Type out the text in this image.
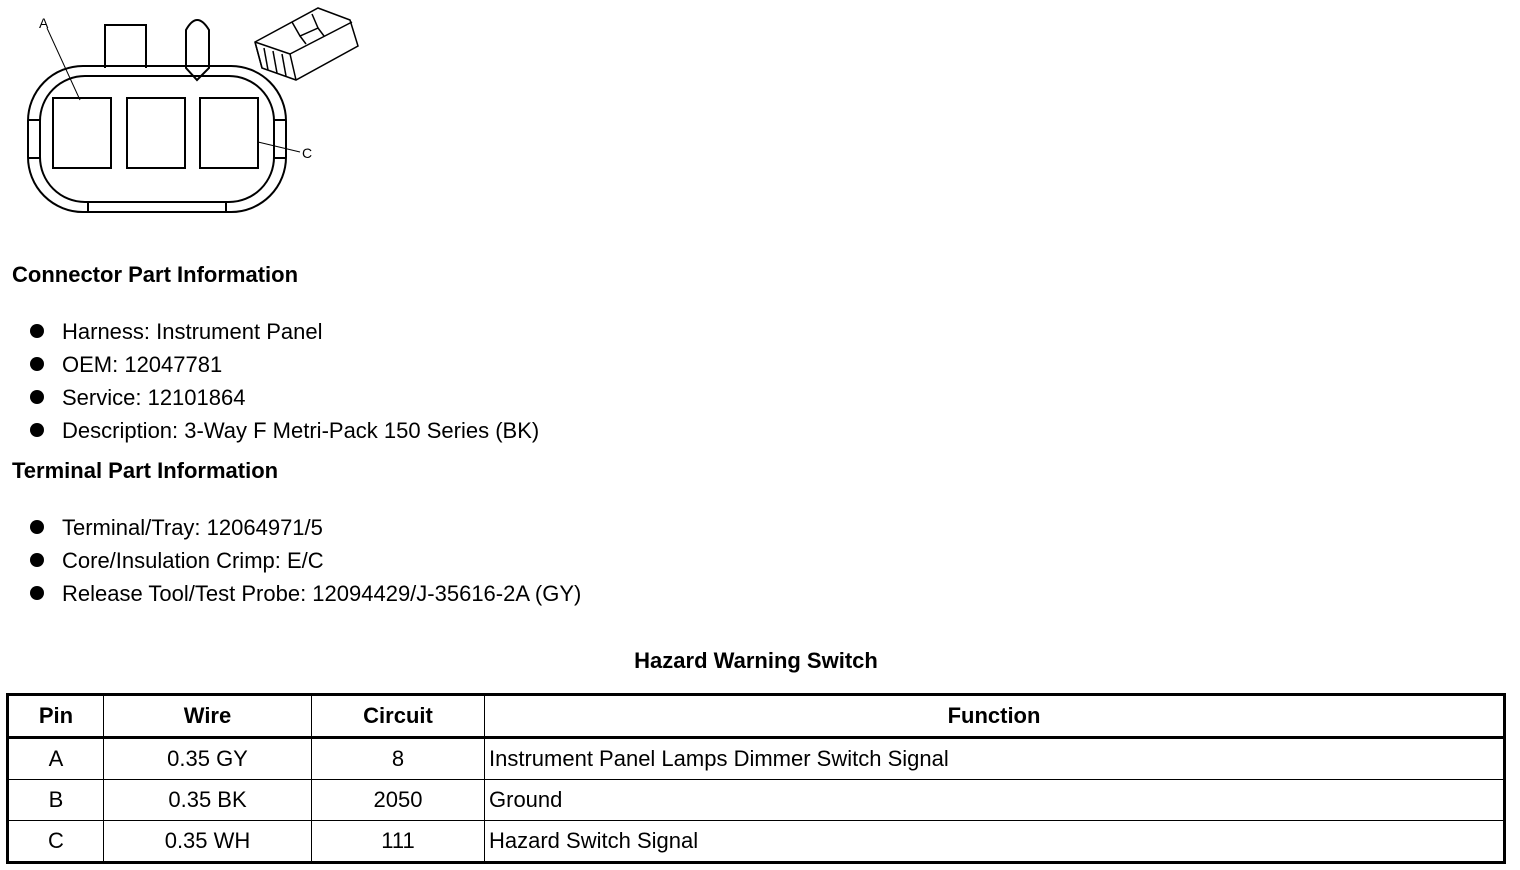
A
C
Connector Part Information
Harness: Instrument Panel
OEM: 12047781
Service: 12101864
Description: 3-Way F Metri-Pack 150 Series (BK)
Terminal Part Information
Terminal/Tray: 12064971/5
Core/Insulation Crimp: E/C
Release Tool/Test Probe: 12094429/J-35616-2A (GY)
Hazard Warning Switch
Pin	Wire	Circuit	Function
A	0.35 GY	8	Instrument Panel Lamps Dimmer Switch Signal
B	0.35 BK	2050	Ground
C	0.35 WH	111	Hazard Switch Signal
